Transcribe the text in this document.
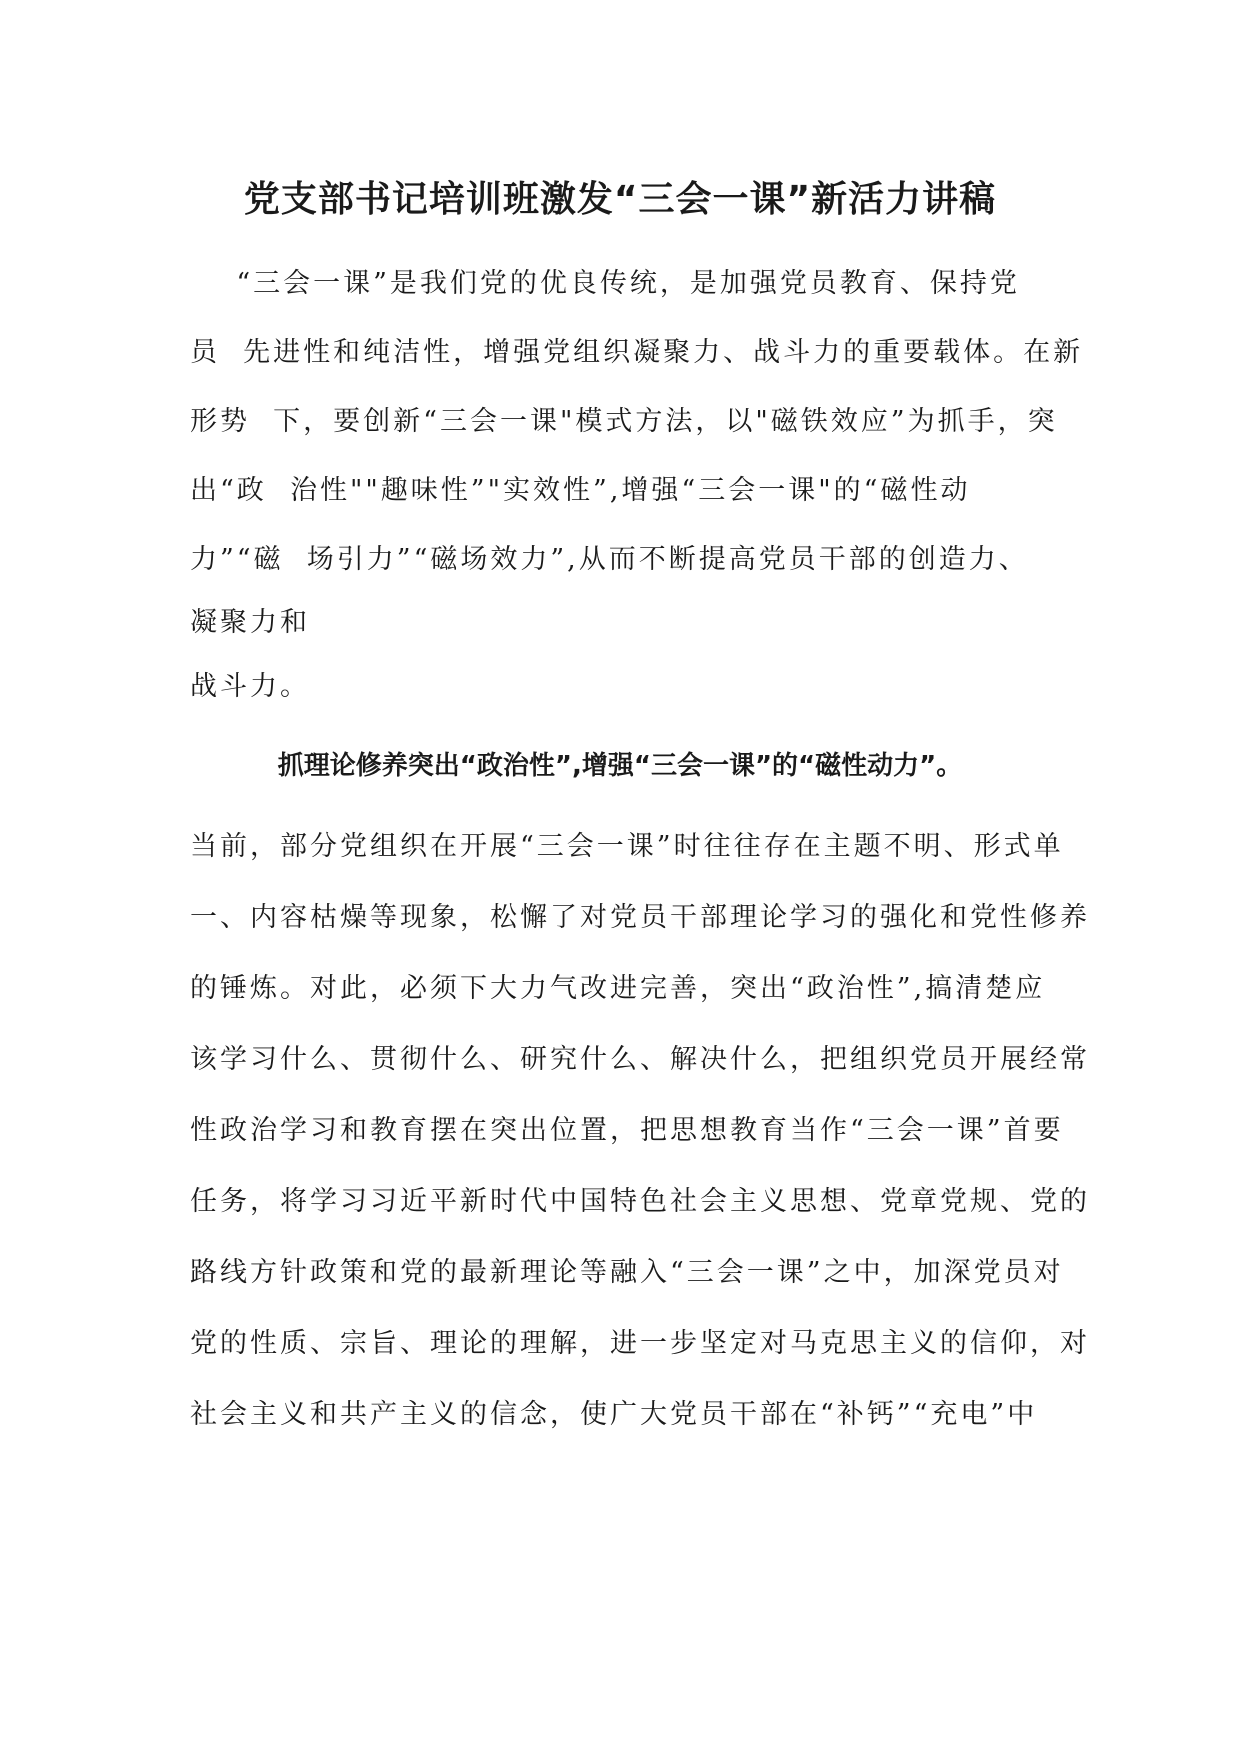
党支部书记培训班激发“三会一课”新活力讲稿
“三会一课”是我们党的优良传统，是加强党员教育、保持党
员  先进性和纯洁性，增强党组织凝聚力、战斗力的重要载体。在新
形势  下，要创新“三会一课"模式方法，以"磁铁效应”为抓手，突
出“政  治性""趣味性”"实效性”,增强“三会一课"的“磁性动
力”“磁  场引力”“磁场效力”,从而不断提高党员干部的创造力、
凝聚力和
战斗力。
抓理论修养突出“政治性”,增强“三会一课”的“磁性动力”。
当前，部分党组织在开展“三会一课”时往往存在主题不明、形式单
一、内容枯燥等现象，松懈了对党员干部理论学习的强化和党性修养
的锤炼。对此，必须下大力气改进完善，突出“政治性”,搞清楚应
该学习什么、贯彻什么、研究什么、解决什么，把组织党员开展经常
性政治学习和教育摆在突出位置，把思想教育当作“三会一课”首要
任务，将学习习近平新时代中国特色社会主义思想、党章党规、党的
路线方针政策和党的最新理论等融入“三会一课”之中，加深党员对
党的性质、宗旨、理论的理解，进一步坚定对马克思主义的信仰，对
社会主义和共产主义的信念，使广大党员干部在“补钙”“充电”中
